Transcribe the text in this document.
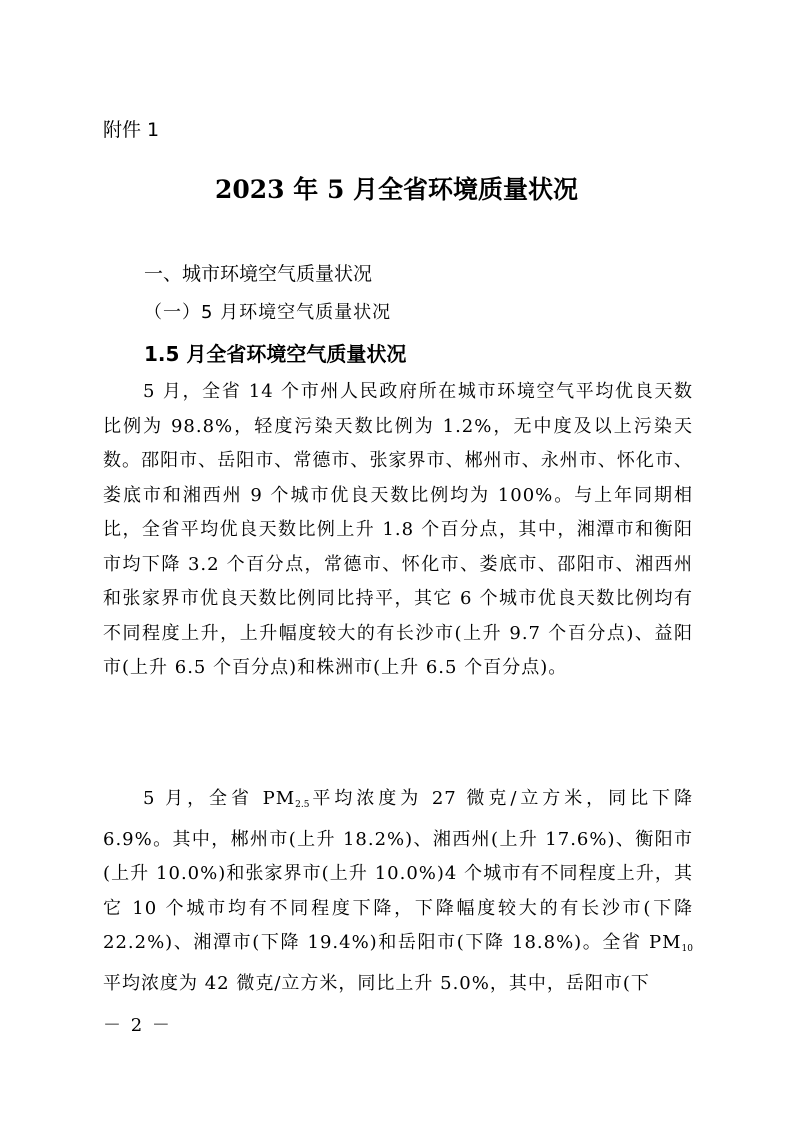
附件 1
2023 年 5 月全省环境质量状况
一、城市环境空气质量状况
（一）5 月环境空气质量状况
1.5 月全省环境空气质量状况

5 月，全省 14 个市州人民政府所在城市环境空气平均优良天数比例为 98.8%，轻度污染天数比例为 1.2%，无中度及以上污染天数。邵阳市、岳阳市、常德市、张家界市、郴州市、永州市、怀化市、娄底市和湘西州 9 个城市优良天数比例均为 100%。与上年同期相比，全省平均优良天数比例上升 1.8 个百分点，其中，湘潭市和衡阳市均下降 3.2 个百分点，常德市、怀化市、娄底市、邵阳市、湘西州和张家界市优良天数比例同比持平，其它 6 个城市优良天数比例均有不同程度上升，上升幅度较大的有长沙市(上升 9.7 个百分点)、益阳市(上升 6.5 个百分点)和株洲市(上升 6.5 个百分点)。

5 月，全省 $PM_{2.5}$平均浓度为 27 微克/立方米，同比下降 6.9%。其中，郴州市(上升 18.2%)、湘西州(上升 17.6%)、衡阳市(上升 10.0%)和张家界市(上升 10.0%)4 个城市有不同程度上升，其它 10 个城市均有不同程度下降，下降幅度较大的有长沙市(下降 22.2%)、湘潭市(下降 19.4%)和岳阳市(下降 18.8%)。全省 $PM_{10}$平均浓度为 42 微克/立方米，同比上升 5.0%，其中，岳阳市(下

－ 2 －
